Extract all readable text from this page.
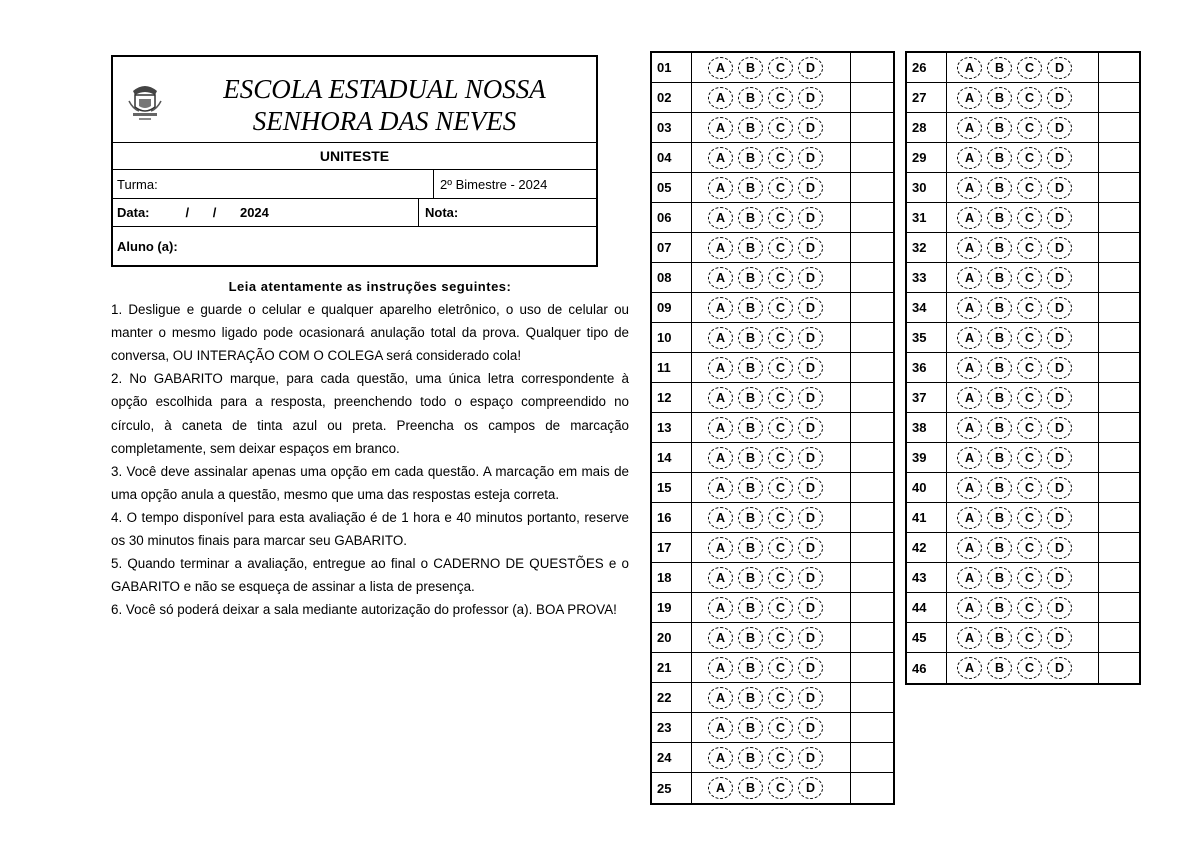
ESCOLA ESTADUAL NOSSA
SENHORA DAS NEVES
UNITESTE
Turma:	2º Bimestre - 2024
Data:	/ / 2024	Nota:
Aluno (a):
Leia atentamente as instruções seguintes:

1. Desligue e guarde o celular e qualquer aparelho eletrônico, o uso de celular ou manter o mesmo ligado pode ocasionará anulação total da prova. Qualquer tipo de conversa, OU INTERAÇÃO COM O COLEGA será considerado cola!

2. No GABARITO marque, para cada questão, uma única letra correspondente à opção escolhida para a resposta, preenchendo todo o espaço compreendido no círculo, à caneta de tinta azul ou preta. Preencha os campos de marcação completamente, sem deixar espaços em branco.

3. Você deve assinalar apenas uma opção em cada questão. A marcação em mais de uma opção anula a questão, mesmo que uma das respostas esteja correta.

4. O tempo disponível para esta avaliação é de 1 hora e 40 minutos portanto, reserve os 30 minutos finais para marcar seu GABARITO.

5. Quando terminar a avaliação, entregue ao final o CADERNO DE QUESTÕES e o GABARITO e não se esqueça de assinar a lista de presença.

6. Você só poderá deixar a sala mediante autorização do professor (a). BOA PROVA!

01	A	B	C	D
02	A	B	C	D
03	A	B	C	D
04	A	B	C	D
05	A	B	C	D
06	A	B	C	D
07	A	B	C	D
08	A	B	C	D
09	A	B	C	D
10	A	B	C	D
11	A	B	C	D
12	A	B	C	D
13	A	B	C	D
14	A	B	C	D
15	A	B	C	D
16	A	B	C	D
17	A	B	C	D
18	A	B	C	D
19	A	B	C	D
20	A	B	C	D
21	A	B	C	D
22	A	B	C	D
23	A	B	C	D
24	A	B	C	D
25	A	B	C	D
26	A	B	C	D
27	A	B	C	D
28	A	B	C	D
29	A	B	C	D
30	A	B	C	D
31	A	B	C	D
32	A	B	C	D
33	A	B	C	D
34	A	B	C	D
35	A	B	C	D
36	A	B	C	D
37	A	B	C	D
38	A	B	C	D
39	A	B	C	D
40	A	B	C	D
41	A	B	C	D
42	A	B	C	D
43	A	B	C	D
44	A	B	C	D
45	A	B	C	D
46	A	B	C	D
